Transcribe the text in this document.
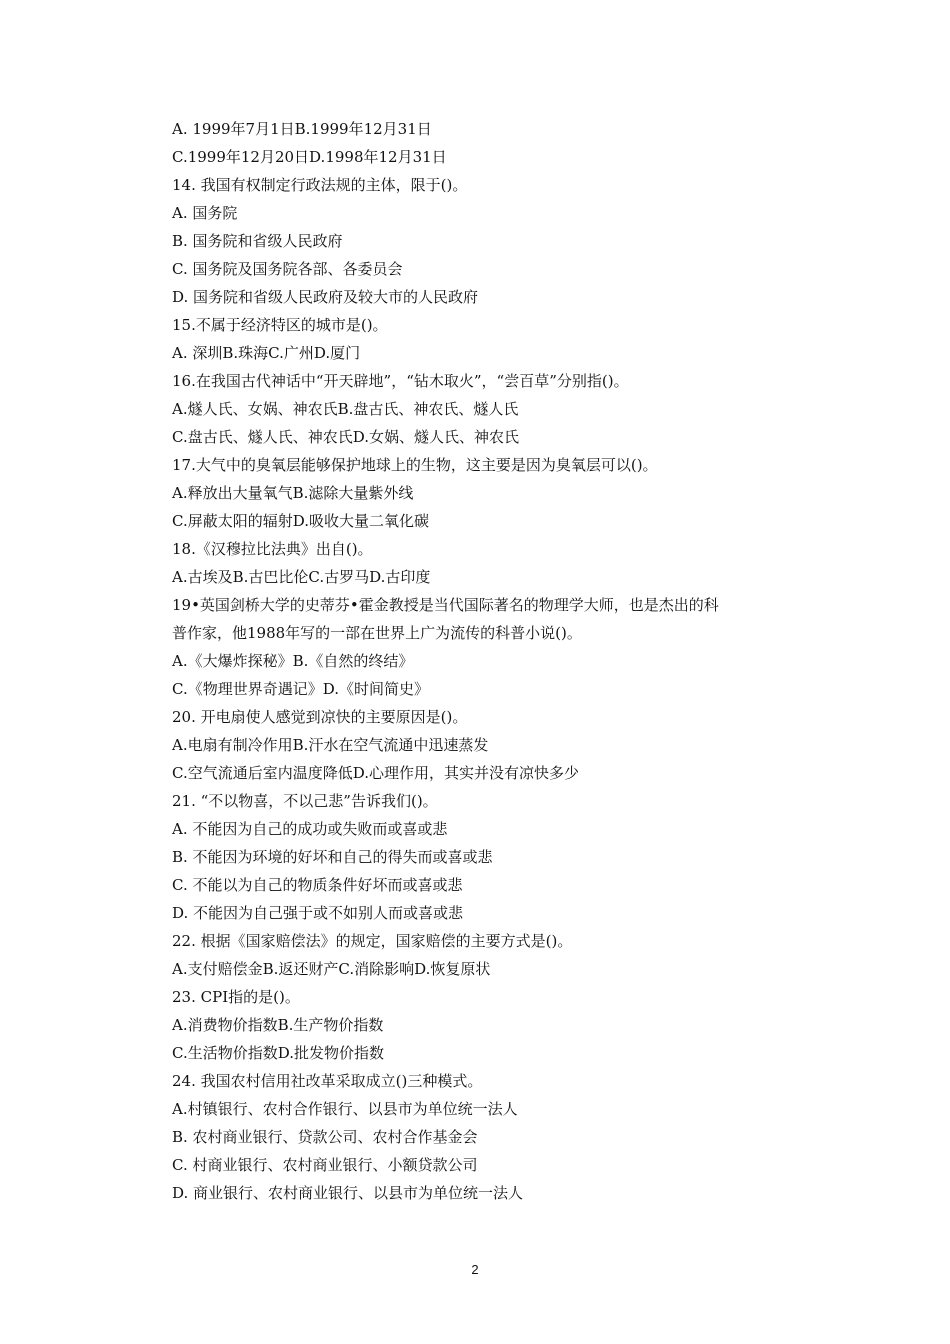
A. 1999年7月1日B.1999年12月31日
C.1999年12月20日D.1998年12月31日
14. 我国有权制定行政法规的主体，限于()。
A. 国务院
B. 国务院和省级人民政府
C. 国务院及国务院各部、各委员会
D. 国务院和省级人民政府及较大市的人民政府
15.不属于经济特区的城市是()。
A. 深圳B.珠海C.广州D.厦门
16.在我国古代神话中“开天辟地”，“钻木取火”，“尝百草”分别指()。
A.燧人氏、女娲、神农氏B.盘古氏、神农氏、燧人氏
C.盘古氏、燧人氏、神农氏D.女娲、燧人氏、神农氏
17.大气中的臭氧层能够保护地球上的生物，这主要是因为臭氧层可以()。
A.释放出大量氧气B.滤除大量紫外线
C.屏蔽太阳的辐射D.吸收大量二氧化碳
18.《汉穆拉比法典》出自()。
A.古埃及B.古巴比伦C.古罗马D.古印度
19•英国剑桥大学的史蒂芬•霍金教授是当代国际著名的物理学大师，也是杰出的科
普作家，他1988年写的一部在世界上广为流传的科普小说()。
A.《大爆炸探秘》B.《自然的终结》
C.《物理世界奇遇记》D.《时间简史》
20. 开电扇使人感觉到凉快的主要原因是()。
A.电扇有制冷作用B.汗水在空气流通中迅速蒸发
C.空气流通后室内温度降低D.心理作用，其实并没有凉快多少
21. “不以物喜，不以己悲”告诉我们()。
A. 不能因为自己的成功或失败而或喜或悲
B. 不能因为环境的好坏和自己的得失而或喜或悲
C. 不能以为自己的物质条件好坏而或喜或悲
D. 不能因为自己强于或不如别人而或喜或悲
22. 根据《国家赔偿法》的规定，国家赔偿的主要方式是()。
A.支付赔偿金B.返还财产C.消除影响D.恢复原状
23. CPI指的是()。
A.消费物价指数B.生产物价指数
C.生活物价指数D.批发物价指数
24. 我国农村信用社改革采取成立()三种模式。
A.村镇银行、农村合作银行、以县市为单位统一法人
B. 农村商业银行、贷款公司、农村合作基金会
C. 村商业银行、农村商业银行、小额贷款公司
D. 商业银行、农村商业银行、以县市为单位统一法人
2
